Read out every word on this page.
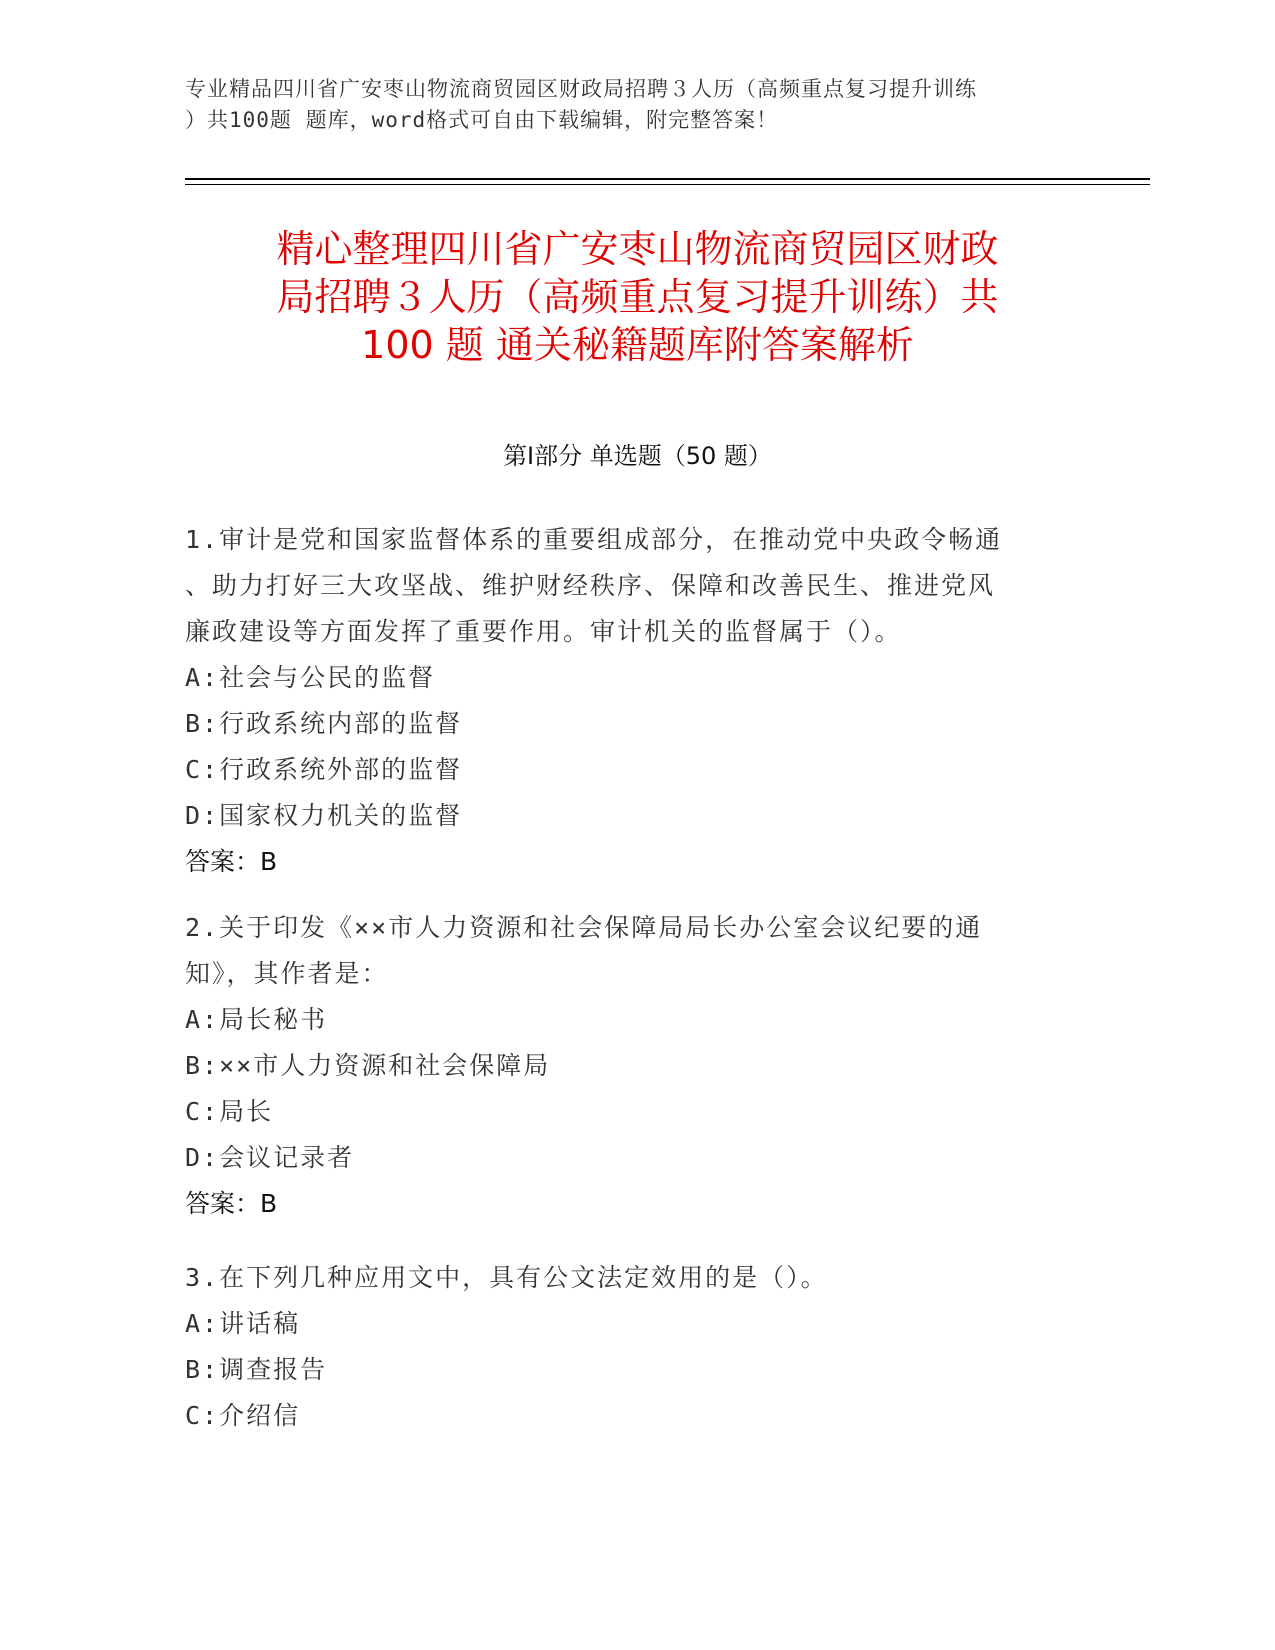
专业精品四川省广安枣山物流商贸园区财政局招聘３人历（高频重点复习提升训练
）共100题 题库，word格式可自由下载编辑，附完整答案！
精心整理四川省广安枣山物流商贸园区财政
局招聘３人历（高频重点复习提升训练）共
100 题 通关秘籍题库附答案解析
第Ⅰ部分 单选题（50 题）
1.审计是党和国家监督体系的重要组成部分，在推动党中央政令畅通
、助力打好三大攻坚战、维护财经秩序、保障和改善民生、推进党风
廉政建设等方面发挥了重要作用。审计机关的监督属于（）。
A:社会与公民的监督
B:行政系统内部的监督
C:行政系统外部的监督
D:国家权力机关的监督
答案：B
2.关于印发《××市人力资源和社会保障局局长办公室会议纪要的通
知》，其作者是：
A:局长秘书
B:××市人力资源和社会保障局
C:局长
D:会议记录者
答案：B
3.在下列几种应用文中，具有公文法定效用的是（）。
A:讲话稿
B:调查报告
C:介绍信
